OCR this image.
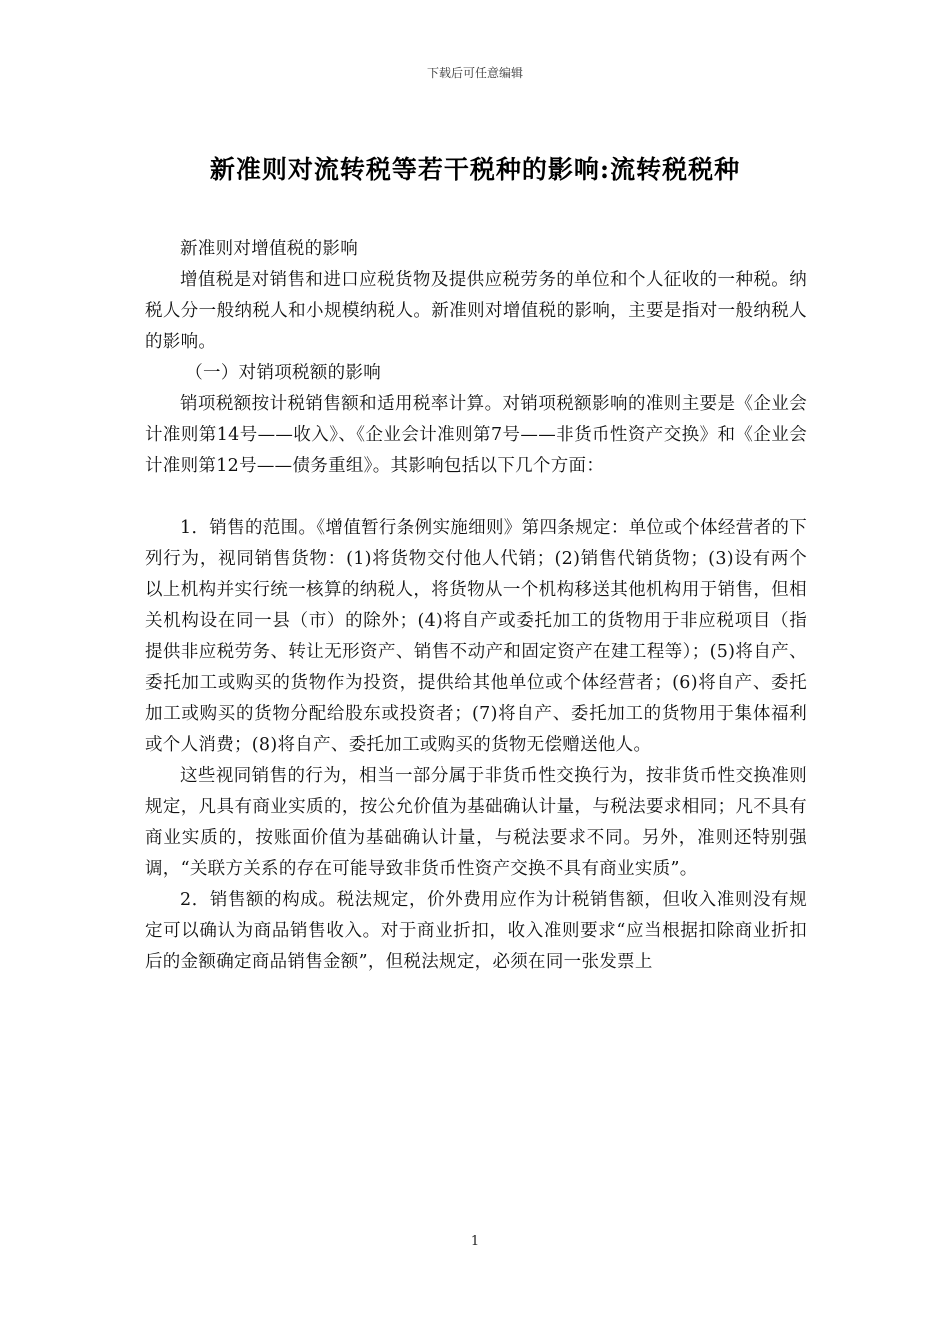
下载后可任意编辑
新准则对流转税等若干税种的影响:流转税税种

新准则对增值税的影响

增值税是对销售和进口应税货物及提供应税劳务的单位和个人征收的一种税。纳税人分一般纳税人和小规模纳税人。新准则对增值税的影响，主要是指对一般纳税人的影响。

（一）对销项税额的影响

销项税额按计税销售额和适用税率计算。对销项税额影响的准则主要是《企业会计准则第14号——收入》、《企业会计准则第7号——非货币性资产交换》和《企业会计准则第12号——债务重组》。其影响包括以下几个方面：

1．销售的范围。《增值暂行条例实施细则》第四条规定：单位或个体经营者的下列行为，视同销售货物：(1)将货物交付他人代销；(2)销售代销货物；(3)设有两个以上机构并实行统一核算的纳税人，将货物从一个机构移送其他机构用于销售，但相关机构设在同一县（市）的除外；(4)将自产或委托加工的货物用于非应税项目（指提供非应税劳务、转让无形资产、销售不动产和固定资产在建工程等）；(5)将自产、委托加工或购买的货物作为投资，提供给其他单位或个体经营者；(6)将自产、委托加工或购买的货物分配给股东或投资者；(7)将自产、委托加工的货物用于集体福利或个人消费；(8)将自产、委托加工或购买的货物无偿赠送他人。

这些视同销售的行为，相当一部分属于非货币性交换行为，按非货币性交换准则规定，凡具有商业实质的，按公允价值为基础确认计量，与税法要求相同；凡不具有商业实质的，按账面价值为基础确认计量，与税法要求不同。另外，准则还特别强调，“关联方关系的存在可能导致非货币性资产交换不具有商业实质”。

2．销售额的构成。税法规定，价外费用应作为计税销售额，但收入准则没有规定可以确认为商品销售收入。对于商业折扣，收入准则要求“应当根据扣除商业折扣后的金额确定商品销售金额”，但税法规定，必须在同一张发票上

1
